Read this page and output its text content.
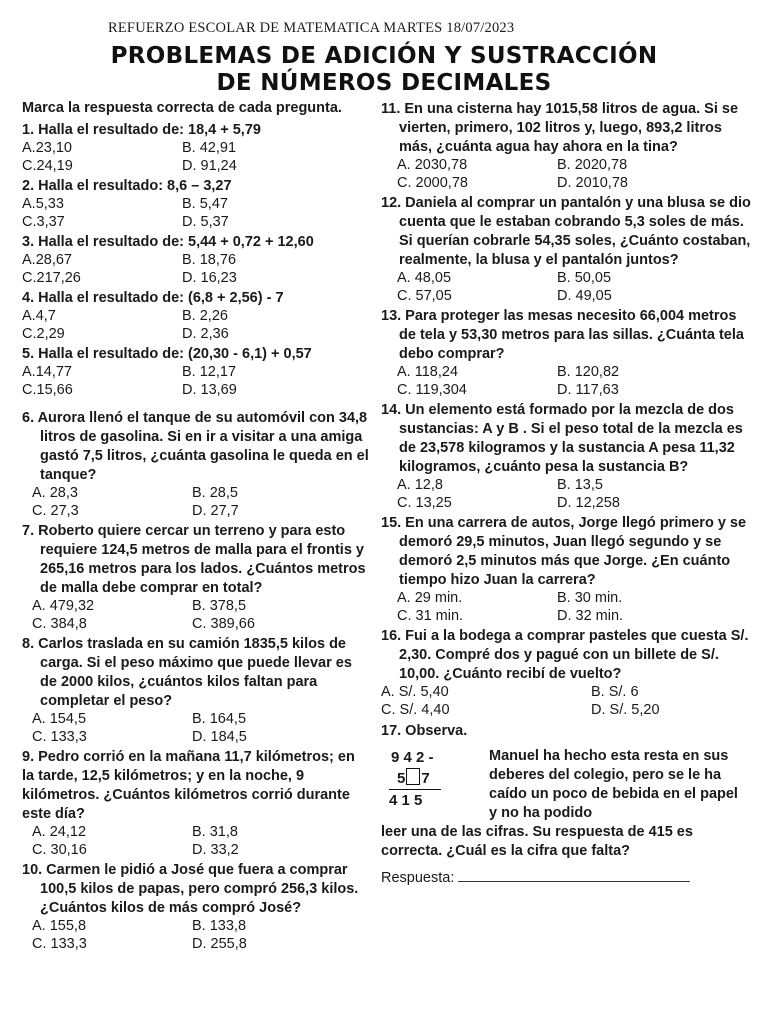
REFUERZO ESCOLAR DE MATEMATICA MARTES 18/07/2023
PROBLEMAS DE ADICIÓN Y SUSTRACCIÓN
DE NÚMEROS DECIMALES
Marca la respuesta correcta de cada pregunta.
1. Halla el resultado de: 18,4 + 5,79
A.23,10	B. 42,91
C.24,19	D. 91,24
2. Halla el resultado: 8,6 – 3,27
A.5,33	B. 5,47
C.3,37	D. 5,37
3. Halla el resultado de: 5,44 + 0,72 + 12,60
A.28,67	B. 18,76
C.217,26	D. 16,23
4. Halla el resultado de: (6,8 + 2,56) - 7
A.4,7	B. 2,26
C.2,29	D. 2,36
5. Halla el resultado de: (20,30 - 6,1) + 0,57
A.14,77	B. 12,17
C.15,66	D. 13,69
6. Aurora llenó el tanque de su automóvil con 34,8 litros de gasolina. Si en ir a visitar a una amiga gastó 7,5 litros, ¿cuánta gasolina le queda en el tanque?
A. 28,3	B. 28,5
C. 27,3	D. 27,7
7. Roberto quiere cercar un terreno y para esto requiere 124,5 metros de malla para el frontis y 265,16 metros para los lados. ¿Cuántos metros de malla debe comprar en total?
A. 479,32	B. 378,5
C. 384,8	C. 389,66
8. Carlos traslada en su camión 1835,5 kilos de carga. Si el peso máximo que puede llevar es de 2000 kilos, ¿cuántos kilos faltan para completar el peso?
A. 154,5	B. 164,5
C. 133,3	D. 184,5
9. Pedro corrió en la mañana 11,7 kilómetros; en la tarde, 12,5 kilómetros; y en la noche, 9 kilómetros. ¿Cuántos kilómetros corrió durante este día?
A. 24,12	B. 31,8
C. 30,16	D. 33,2
10. Carmen le pidió a José que fuera a comprar 100,5 kilos de papas, pero compró 256,3 kilos. ¿Cuántos kilos de más compró José?
A. 155,8	B. 133,8
C. 133,3	D. 255,8
11. En una cisterna hay 1015,58 litros de agua. Si se vierten, primero, 102 litros y, luego, 893,2 litros más, ¿cuánta agua hay ahora en la tina?
A. 2030,78	B. 2020,78
C. 2000,78	D. 2010,78
12. Daniela al comprar un pantalón y una blusa se dio cuenta que le estaban cobrando 5,3 soles de más. Si querían cobrarle 54,35 soles, ¿Cuánto costaban, realmente, la blusa y el pantalón juntos?
A. 48,05	B. 50,05
C. 57,05	D. 49,05
13. Para proteger las mesas necesito 66,004 metros de tela y 53,30 metros para las sillas. ¿Cuánta tela debo comprar?
A. 118,24	B. 120,82
C. 119,304	D. 117,63
14. Un elemento está formado por la mezcla de dos sustancias: A y B . Si el peso total de la mezcla es de 23,578 kilogramos y la sustancia A pesa 11,32 kilogramos, ¿cuánto pesa la sustancia B?
A. 12,8	B. 13,5
C. 13,25	D. 12,258
15. En una carrera de autos, Jorge llegó primero y se demoró 29,5 minutos, Juan llegó segundo y se demoró 2,5 minutos más que Jorge. ¿En cuánto tiempo hizo Juan la carrera?
A. 29 min.	B. 30 min.
C. 31 min.	D. 32 min.
16. Fui a la bodega a comprar pasteles que cuesta S/. 2,30. Compré dos y pagué con un billete de S/. 10,00. ¿Cuánto recibí de vuelto?
A. S/. 5,40	B. S/. 6
C. S/. 4,40	D. S/. 5,20
17. Observa.
9 4 2 -
5 7
4 1 5
Manuel ha hecho esta resta en sus deberes del colegio, pero se le ha caído un poco de bebida en el papel y no ha podido
leer una de las cifras. Su respuesta de 415 es correcta. ¿Cuál es la cifra que falta?
Respuesta:
